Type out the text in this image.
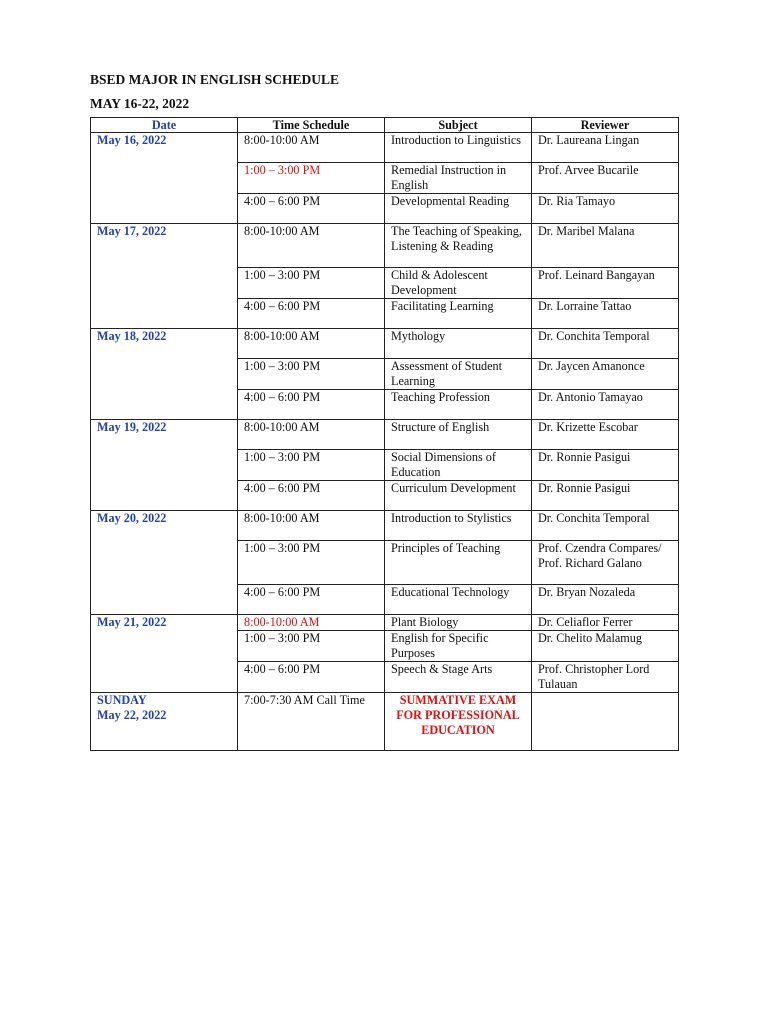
BSED MAJOR IN ENGLISH SCHEDULE
MAY 16-22, 2022
Date	Time Schedule	Subject	Reviewer

May 16, 2022	8:00-10:00 AM	Introduction to Linguistics	Dr. Laureana Lingan
	1:00 – 3:00 PM	Remedial Instruction in English	Prof. Arvee Bucarile
	4:00 – 6:00 PM	Developmental Reading	Dr. Ria Tamayo

May 17, 2022	8:00-10:00 AM	The Teaching of Speaking, Listening & Reading	Dr. Maribel Malana
	1:00 – 3:00 PM	Child & Adolescent Development	Prof. Leinard Bangayan
	4:00 – 6:00 PM	Facilitating Learning	Dr. Lorraine Tattao

May 18, 2022	8:00-10:00 AM	Mythology	Dr. Conchita Temporal
	1:00 – 3:00 PM	Assessment of Student Learning	Dr. Jaycen Amanonce
	4:00 – 6:00 PM	Teaching Profession	Dr. Antonio Tamayao

May 19, 2022	8:00-10:00 AM	Structure of English	Dr. Krizette Escobar
	1:00 – 3:00 PM	Social Dimensions of Education	Dr. Ronnie Pasigui
	4:00 – 6:00 PM	Curriculum Development	Dr. Ronnie Pasigui

May 20, 2022	8:00-10:00 AM	Introduction to Stylistics	Dr. Conchita Temporal
	1:00 – 3:00 PM	Principles of Teaching	Prof. Czendra Compares/ Prof. Richard Galano
	4:00 – 6:00 PM	Educational Technology	Dr. Bryan Nozaleda

May 21, 2022	8:00-10:00 AM	Plant Biology	Dr. Celiaflor Ferrer
	1:00 – 3:00 PM	English for Specific Purposes	Dr. Chelito Malamug
	4:00 – 6:00 PM	Speech & Stage Arts	Prof. Christopher Lord Tulauan

SUNDAY
May 22, 2022	7:00-7:30 AM Call Time	SUMMATIVE EXAM FOR PROFESSIONAL EDUCATION	
